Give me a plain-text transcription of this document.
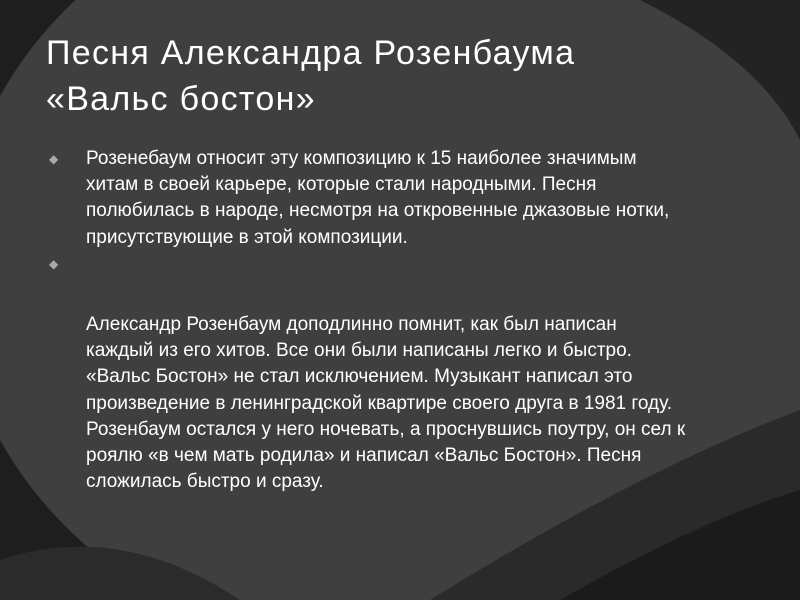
Песня Александра Розенбаума
«Вальс бостон»
◆ Розенебаум относит эту композицию к 15 наиболее значимым хитам в своей карьере, которые стали народными. Песня полюбилась в народе, несмотря на откровенные джазовые нотки, присутствующие в этой композиции.
◆
Александр Розенбаум доподлинно помнит, как был написан каждый из его хитов. Все они были написаны легко и быстро. «Вальс Бостон» не стал исключением. Музыкант написал это произведение в ленинградской квартире своего друга в 1981 году. Розенбаум остался у него ночевать, а проснувшись поутру, он сел к роялю «в чем мать родила» и написал «Вальс Бостон». Песня сложилась быстро и сразу.
